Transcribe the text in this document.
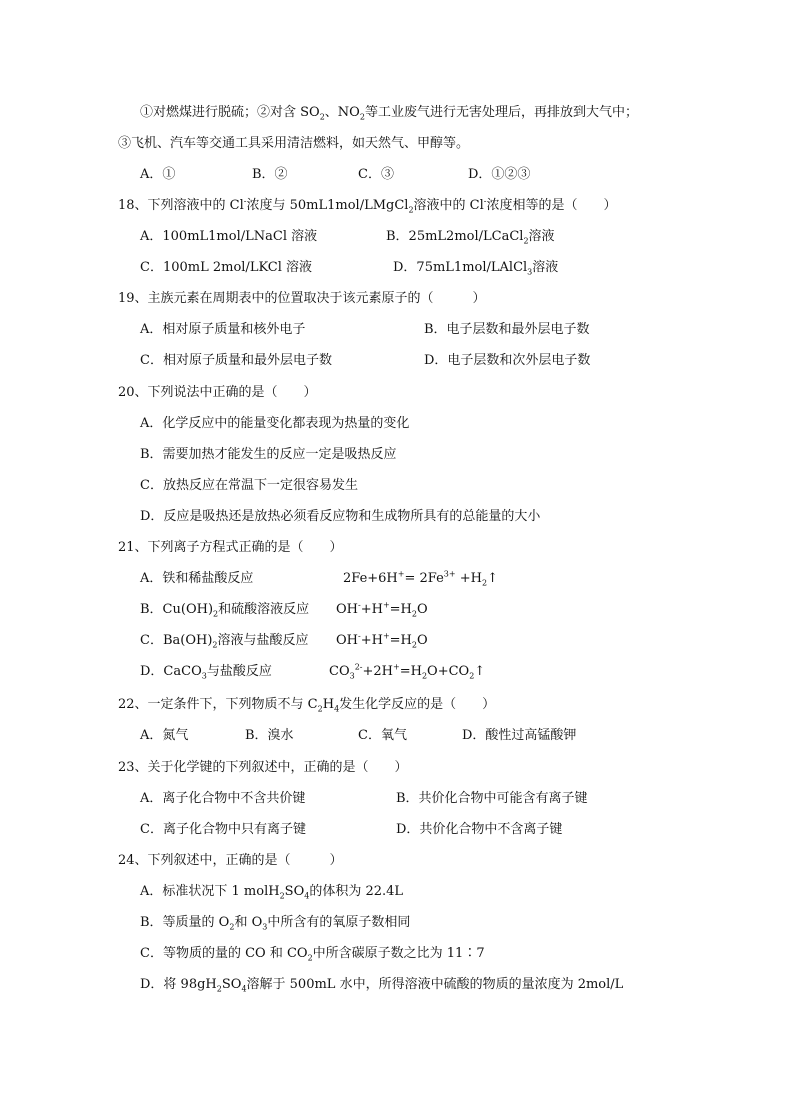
①对燃煤进行脱硫；②对含 $SO_2$、$NO_2$等工业废气进行无害处理后，再排放到大气中；
③飞机、汽车等交通工具采用清洁燃料，如天然气、甲醇等。
A．①	B．②	C．③	D．①②③
18、下列溶液中的 Cl-浓度与 50mL1mol/LMgCl$_2$溶液中的 Cl-浓度相等的是（　　）
A．100mL1mol/LNaCl 溶液	B．25mL2mol/LCaCl$_2$溶液
C．100mL 2mol/LKCl 溶液	D．75mL1mol/LAlCl$_3$溶液
19、主族元素在周期表中的位置取决于该元素原子的（　　　）
A．相对原子质量和核外电子	B．电子层数和最外层电子数
C．相对原子质量和最外层电子数	D．电子层数和次外层电子数
20、下列说法中正确的是（　　）
A．化学反应中的能量变化都表现为热量的变化
B．需要加热才能发生的反应一定是吸热反应
C．放热反应在常温下一定很容易发生
D．反应是吸热还是放热必须看反应物和生成物所具有的总能量的大小
21、下列离子方程式正确的是（　　）
A．铁和稀盐酸反应	$2Fe+6H^+= 2Fe^{3+}$ $+H_2↑$
B．$Cu(OH)_2$和硫酸溶液反应 $OH^-+H^+=H_2O$
C．$Ba(OH)_2$溶液与盐酸反应 $OH^-+H^+=H_2O$
D．CaCO$_3$与盐酸反应	$CO_3^{2-}+2H^+=H_2O+CO_2↑$
22、一定条件下，下列物质不与 $C_2H_4$发生化学反应的是（　　）
A．氮气	B．溴水	C．氧气	D．酸性过高锰酸钾
23、关于化学键的下列叙述中，正确的是（　　）
A．离子化合物中不含共价键	B．共价化合物中可能含有离子键
C．离子化合物中只有离子键	D．共价化合物中不含离子键
24、下列叙述中，正确的是（　　　）
A．标准状况下 1 $molH_2SO_4$的体积为 22.4L
B．等质量的 $O_2$和 $O_3$中所含有的氧原子数相同
C．等物质的量的 CO 和 $CO_2$中所含碳原子数之比为 11∶7
D．将 $98gH_2SO_4$溶解于 500mL 水中，所得溶液中硫酸的物质的量浓度为 2mol/L
